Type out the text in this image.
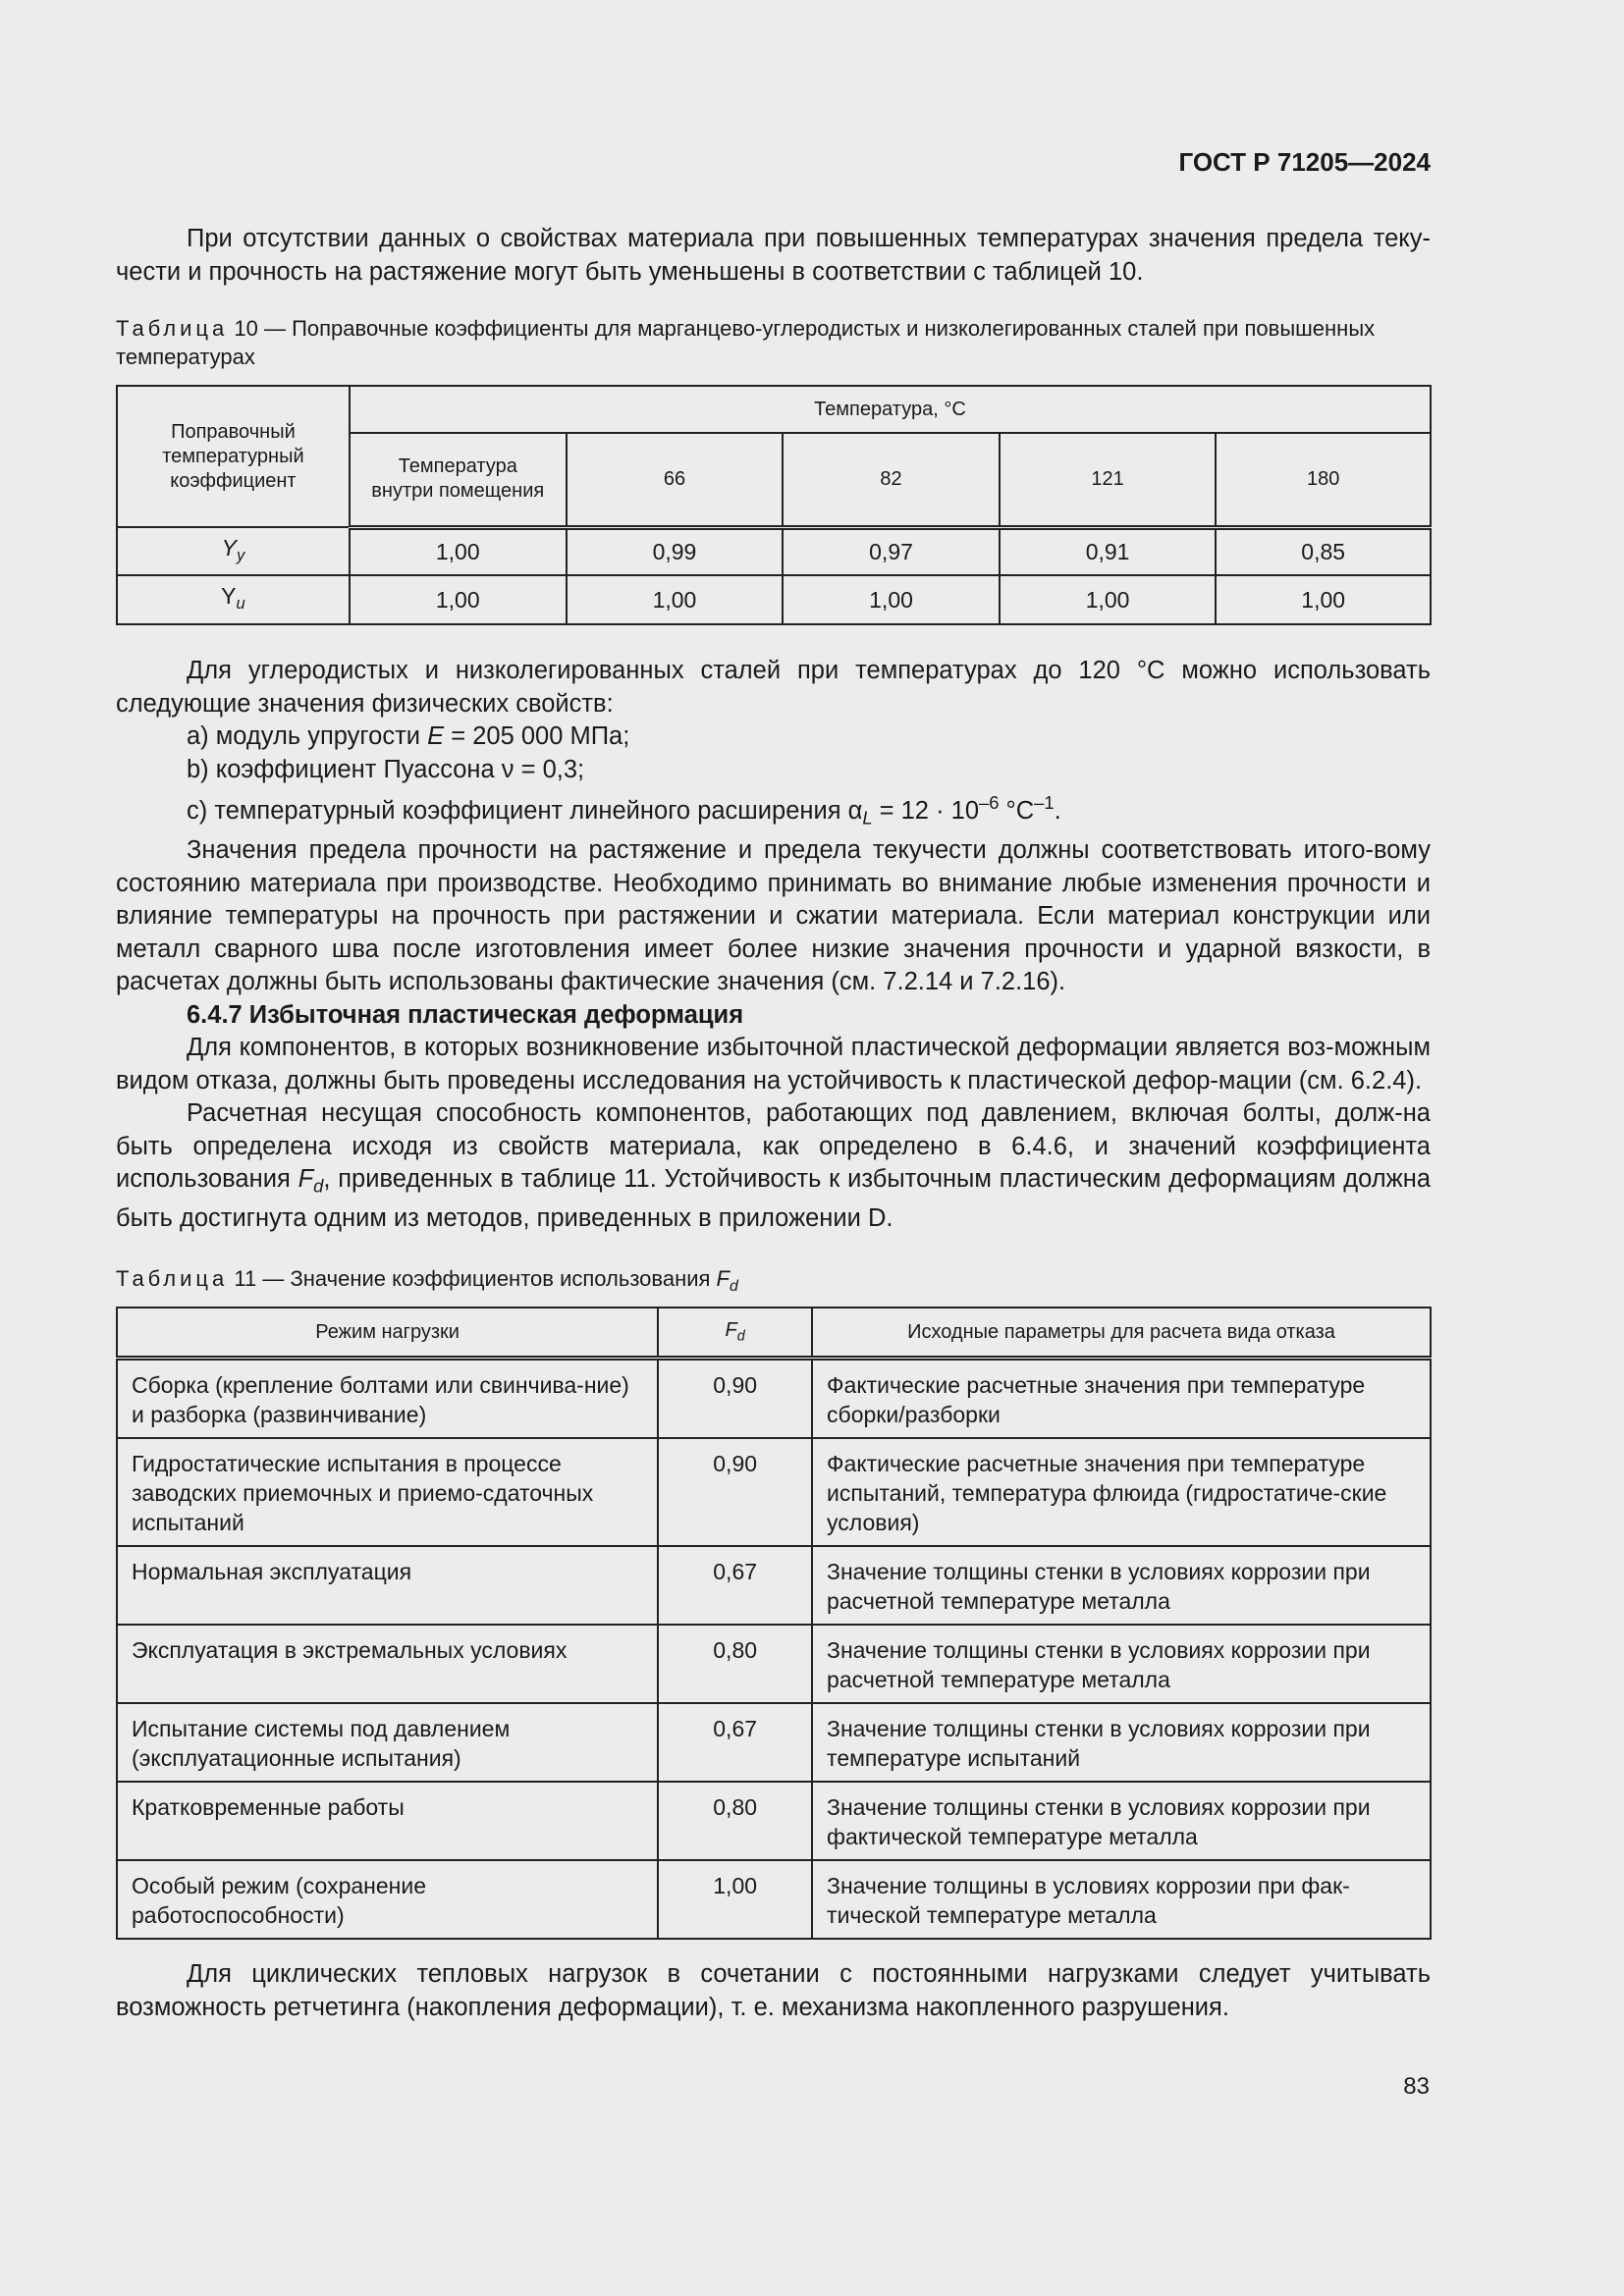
ГОСТ Р 71205—2024

При отсутствии данных о свойствах материала при повышенных температурах значения предела теку-чести и прочность на растяжение могут быть уменьшены в соответствии с таблицей 10.

Таблица 10 — Поправочные коэффициенты для марганцево-углеродистых и низколегированных сталей при повышенных температурах
Поправочный температурный коэффициент	Температура, °С				
	Температура внутри помещения	66	82	121	180
$Y_y$	1,00	0,99	0,97	0,91	0,85
$Y_u$	1,00	1,00	1,00	1,00	1,00

Для углеродистых и низколегированных сталей при температурах до 120 °С можно использовать следующие значения физических свойств:

a) модуль упругости E = 205 000 МПа;

b) коэффициент Пуассона ν = 0,3;

c) температурный коэффициент линейного расширения $\alpha_L = 12 \cdot 10^{-6}$ $^\circ C^{-1}$.

Значения предела прочности на растяжение и предела текучести должны соответствовать итого-вому состоянию материала при производстве. Необходимо принимать во внимание любые изменения прочности и влияние температуры на прочность при растяжении и сжатии материала. Если материал конструкции или металл сварного шва после изготовления имеет более низкие значения прочности и ударной вязкости, в расчетах должны быть использованы фактические значения (см. 7.2.14 и 7.2.16).

6.4.7 Избыточная пластическая деформация

Для компонентов, в которых возникновение избыточной пластической деформации является воз-можным видом отказа, должны быть проведены исследования на устойчивость к пластической дефор-мации (см. 6.2.4).

Расчетная несущая способность компонентов, работающих под давлением, включая болты, долж-на быть определена исходя из свойств материала, как определено в 6.4.6, и значений коэффициента использования $F_d$, приведенных в таблице 11. Устойчивость к избыточным пластическим деформациям должна быть достигнута одним из методов, приведенных в приложении D.

Таблица 11 — Значение коэффициентов использования $F_d$
Режим нагрузки	$F_d$	Исходные параметры для расчета вида отказа
Сборка (крепление болтами или свинчива-ние) и разборка (развинчивание)	0,90	Фактические расчетные значения при температуре сборки/разборки
Гидростатические испытания в процессе заводских приемочных и приемо-сдаточных испытаний	0,90	Фактические расчетные значения при температуре испытаний, температура флюида (гидростатиче-ские условия)
Нормальная эксплуатация	0,67	Значение толщины стенки в условиях коррозии при расчетной температуре металла
Эксплуатация в экстремальных условиях	0,80	Значение толщины стенки в условиях коррозии при расчетной температуре металла
Испытание системы под давлением (эксплуатационные испытания)	0,67	Значение толщины стенки в условиях коррозии при температуре испытаний
Кратковременные работы	0,80	Значение толщины стенки в условиях коррозии при фактической температуре металла
Особый режим (сохранение работоспособности)	1,00	Значение толщины в условиях коррозии при фак-тической температуре металла

Для циклических тепловых нагрузок в сочетании с постоянными нагрузками следует учитывать возможность ретчетинга (накопления деформации), т. е. механизма накопленного разрушения.

83
